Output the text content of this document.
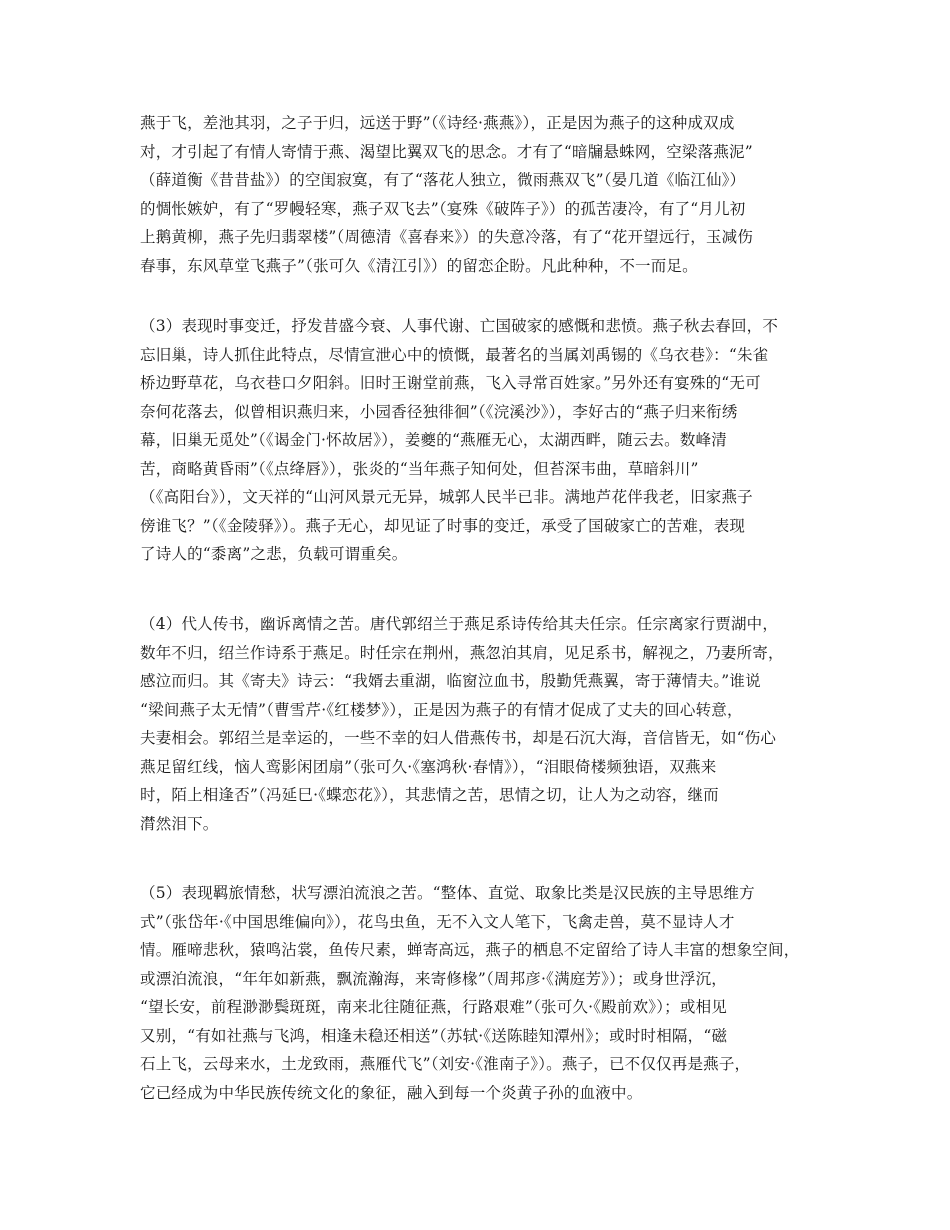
燕于飞，差池其羽，之子于归，远送于野”（《诗经·燕燕》），正是因为燕子的这种成双成
对，才引起了有情人寄情于燕、渴望比翼双飞的思念。才有了“暗牖悬蛛网，空梁落燕泥”
（薛道衡《昔昔盐》）的空闺寂寞，有了“落花人独立，微雨燕双飞”（晏几道《临江仙》）
的惆怅嫉妒，有了“罗幔轻寒，燕子双飞去”（宴殊《破阵子》）的孤苦凄冷，有了“月儿初
上鹅黄柳，燕子先归翡翠楼”（周德清《喜春来》）的失意冷落，有了“花开望远行，玉减伤
春事，东风草堂飞燕子”（张可久《清江引》）的留恋企盼。凡此种种，不一而足。
（3）表现时事变迁，抒发昔盛今衰、人事代谢、亡国破家的感慨和悲愤。燕子秋去春回，不
忘旧巢，诗人抓住此特点，尽情宣泄心中的愤慨，最著名的当属刘禹锡的《乌衣巷》：“朱雀
桥边野草花，乌衣巷口夕阳斜。旧时王谢堂前燕，飞入寻常百姓家。”另外还有宴殊的“无可
奈何花落去，似曾相识燕归来，小园香径独徘徊”（《浣溪沙》），李好古的“燕子归来衔绣
幕，旧巢无觅处”（《谒金门·怀故居》），姜夔的“燕雁无心，太湖西畔，随云去。数峰清
苦，商略黄昏雨”（《点绛唇》），张炎的“当年燕子知何处，但苔深韦曲，草暗斜川”
（《高阳台》），文天祥的“山河风景元无异，城郭人民半已非。满地芦花伴我老，旧家燕子
傍谁飞？”（《金陵驿》）。燕子无心，却见证了时事的变迁，承受了国破家亡的苦难，表现
了诗人的“黍离”之悲，负载可谓重矣。
（4）代人传书，幽诉离情之苦。唐代郭绍兰于燕足系诗传给其夫任宗。任宗离家行贾湖中，
数年不归，绍兰作诗系于燕足。时任宗在荆州，燕忽泊其肩，见足系书，解视之，乃妻所寄，
感泣而归。其《寄夫》诗云：“我婿去重湖，临窗泣血书，殷勤凭燕翼，寄于薄情夫。”谁说
“梁间燕子太无情”（曹雪芹·《红楼梦》），正是因为燕子的有情才促成了丈夫的回心转意，
夫妻相会。郭绍兰是幸运的，一些不幸的妇人借燕传书，却是石沉大海，音信皆无，如“伤心
燕足留红线，恼人鸾影闲团扇”（张可久·《塞鸿秋·春情》），“泪眼倚楼频独语，双燕来
时，陌上相逢否”（冯延巳·《蝶恋花》），其悲情之苦，思情之切，让人为之动容，继而
潸然泪下。
（5）表现羁旅情愁，状写漂泊流浪之苦。“整体、直觉、取象比类是汉民族的主导思维方
式”（张岱年·《中国思维偏向》），花鸟虫鱼，无不入文人笔下，飞禽走兽，莫不显诗人才
情。雁啼悲秋，猿鸣沾裳，鱼传尺素，蝉寄高远，燕子的栖息不定留给了诗人丰富的想象空间，
或漂泊流浪，“年年如新燕，飘流瀚海，来寄修椽”（周邦彦·《满庭芳》）；或身世浮沉，
“望长安，前程渺渺鬓斑斑，南来北往随征燕，行路艰难”（张可久·《殿前欢》）；或相见
又别，“有如社燕与飞鸿，相逢未稳还相送”（苏轼·《送陈睦知潭州》；或时时相隔，“磁
石上飞，云母来水，土龙致雨，燕雁代飞”（刘安·《淮南子》）。燕子，已不仅仅再是燕子，
它已经成为中华民族传统文化的象征，融入到每一个炎黄子孙的血液中。
